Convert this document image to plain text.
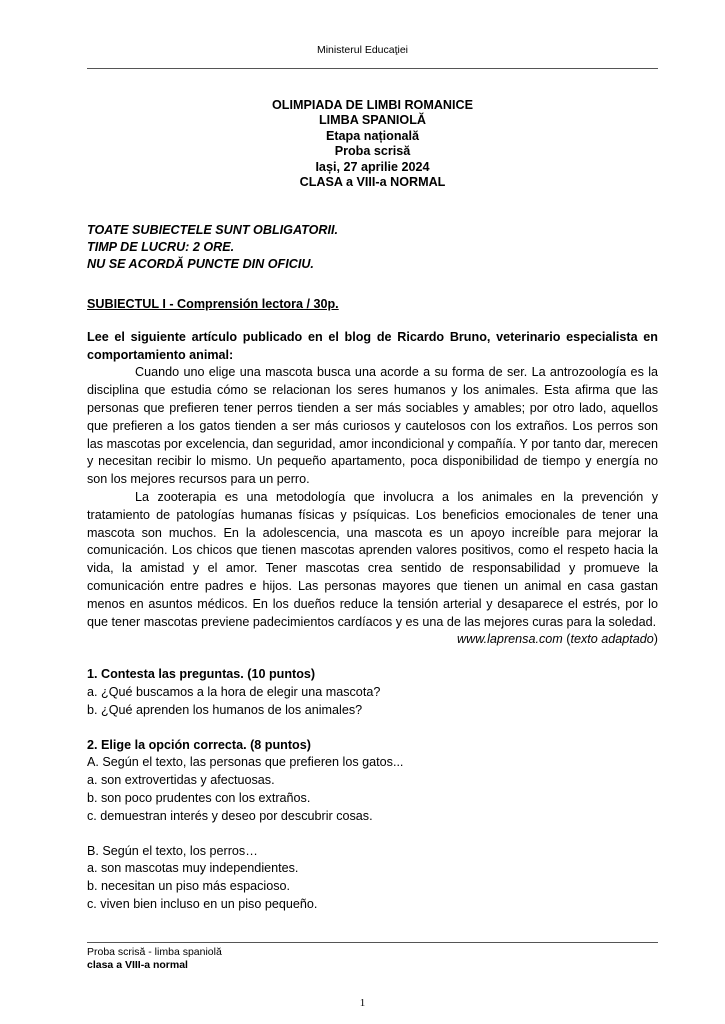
Ministerul Educaţiei
OLIMPIADA DE LIMBI ROMANICE
LIMBA SPANIOLĂ
Etapa națională
Proba scrisă
Iași, 27 aprilie 2024
CLASA a VIII-a NORMAL
TOATE SUBIECTELE SUNT OBLIGATORII.
TIMP DE LUCRU: 2 ORE.
NU SE ACORDĂ PUNCTE DIN OFICIU.
SUBIECTUL I - Comprensión lectora / 30p.
Lee el siguiente artículo publicado en el blog de Ricardo Bruno, veterinario especialista en comportamiento animal:

Cuando uno elige una mascota busca una acorde a su forma de ser. La antrozoología es la disciplina que estudia cómo se relacionan los seres humanos y los animales. Esta afirma que las personas que prefieren tener perros tienden a ser más sociables y amables; por otro lado, aquellos que prefieren a los gatos tienden a ser más curiosos y cautelosos con los extraños. Los perros son las mascotas por excelencia, dan seguridad, amor incondicional y compañía. Y por tanto dar, merecen y necesitan recibir lo mismo. Un pequeño apartamento, poca disponibilidad de tiempo y energía no son los mejores recursos para un perro.

La zooterapia es una metodología que involucra a los animales en la prevención y tratamiento de patologías humanas físicas y psíquicas. Los beneficios emocionales de tener una mascota son muchos. En la adolescencia, una mascota es un apoyo increíble para mejorar la comunicación. Los chicos que tienen mascotas aprenden valores positivos, como el respeto hacia la vida, la amistad y el amor. Tener mascotas crea sentido de responsabilidad y promueve la comunicación entre padres e hijos. Las personas mayores que tienen un animal en casa gastan menos en asuntos médicos. En los dueños reduce la tensión arterial y desaparece el estrés, por lo que tener mascotas previene padecimientos cardíacos y es una de las mejores curas para la soledad.

www.laprensa.com (texto adaptado)
1. Contesta las preguntas. (10 puntos)

a. ¿Qué buscamos a la hora de elegir una mascota?

b. ¿Qué aprenden los humanos de los animales?

2. Elige la opción correcta. (8 puntos)

A. Según el texto, las personas que prefieren los gatos...

a. son extrovertidas y afectuosas.

b. son poco prudentes con los extraños.

c. demuestran interés y deseo por descubrir cosas.

B. Según el texto, los perros…

a. son mascotas muy independientes.

b. necesitan un piso más espacioso.

c. viven bien incluso en un piso pequeño.

Proba scrisă - limba spaniolă
clasa a VIII-a normal
1
